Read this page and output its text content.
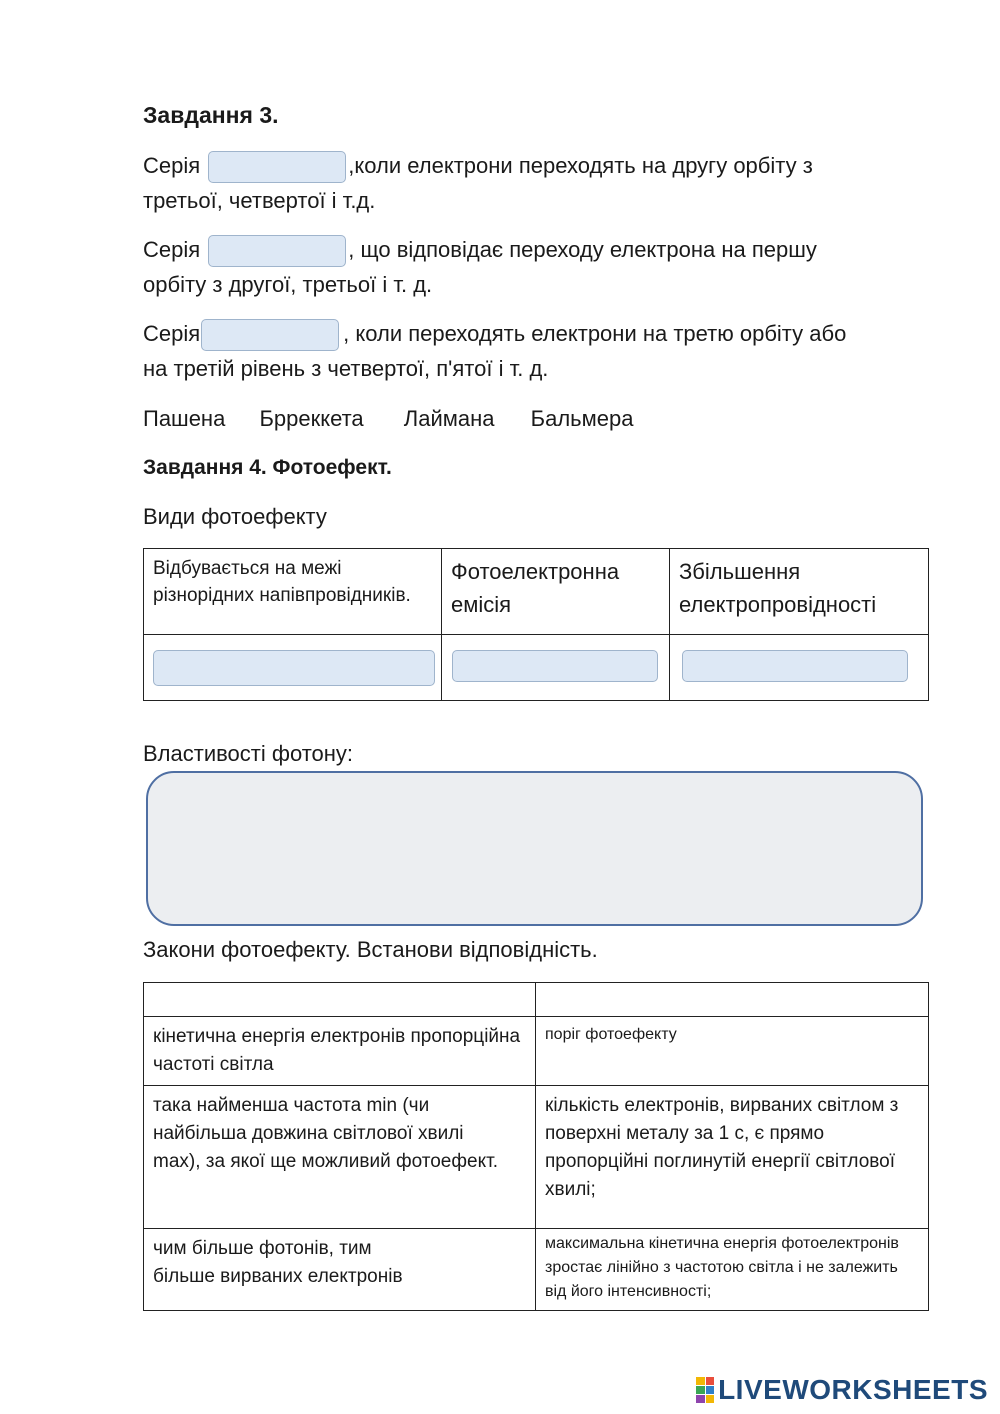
Завдання 3.
Серія	,коли електрони переходять на другу орбіту з
третьої, четвертої і т.д.
Серія	, що відповідає переходу електрона на першу
орбіту з другої, третьої і т. д.
Серія	, коли переходять електрони на третю орбіту або
на третій рівень з четвертої, п'ятої і т. д.
Пашена Брреккета Лаймана Бальмера
Завдання 4. Фотоефект.
Види фотоефекту
Відбувається на межі різнорідних напівпровідників.	Фотоелектронна емісія	Збільшення електропровідності

Властивості фотону:
Закони фотоефекту. Встанови відповідність.

кінетична енергія електронів пропорційна частоті світла	поріг фотоефекту

така найменша частота min (чи найбільша довжина світлової хвилі max), за якої ще можливий фотоефект.	кількість електронів, вирваних світлом з поверхні металу за 1 с, є прямо пропорційні поглинутій енергії світлової хвилі;

чим більше фотонів, тим більше вирваних електронів	максимальна кінетична енергія фотоелектронів зростає лінійно з частотою світла і не залежить від його інтенсивності;
LIVEWORKSHEETS
